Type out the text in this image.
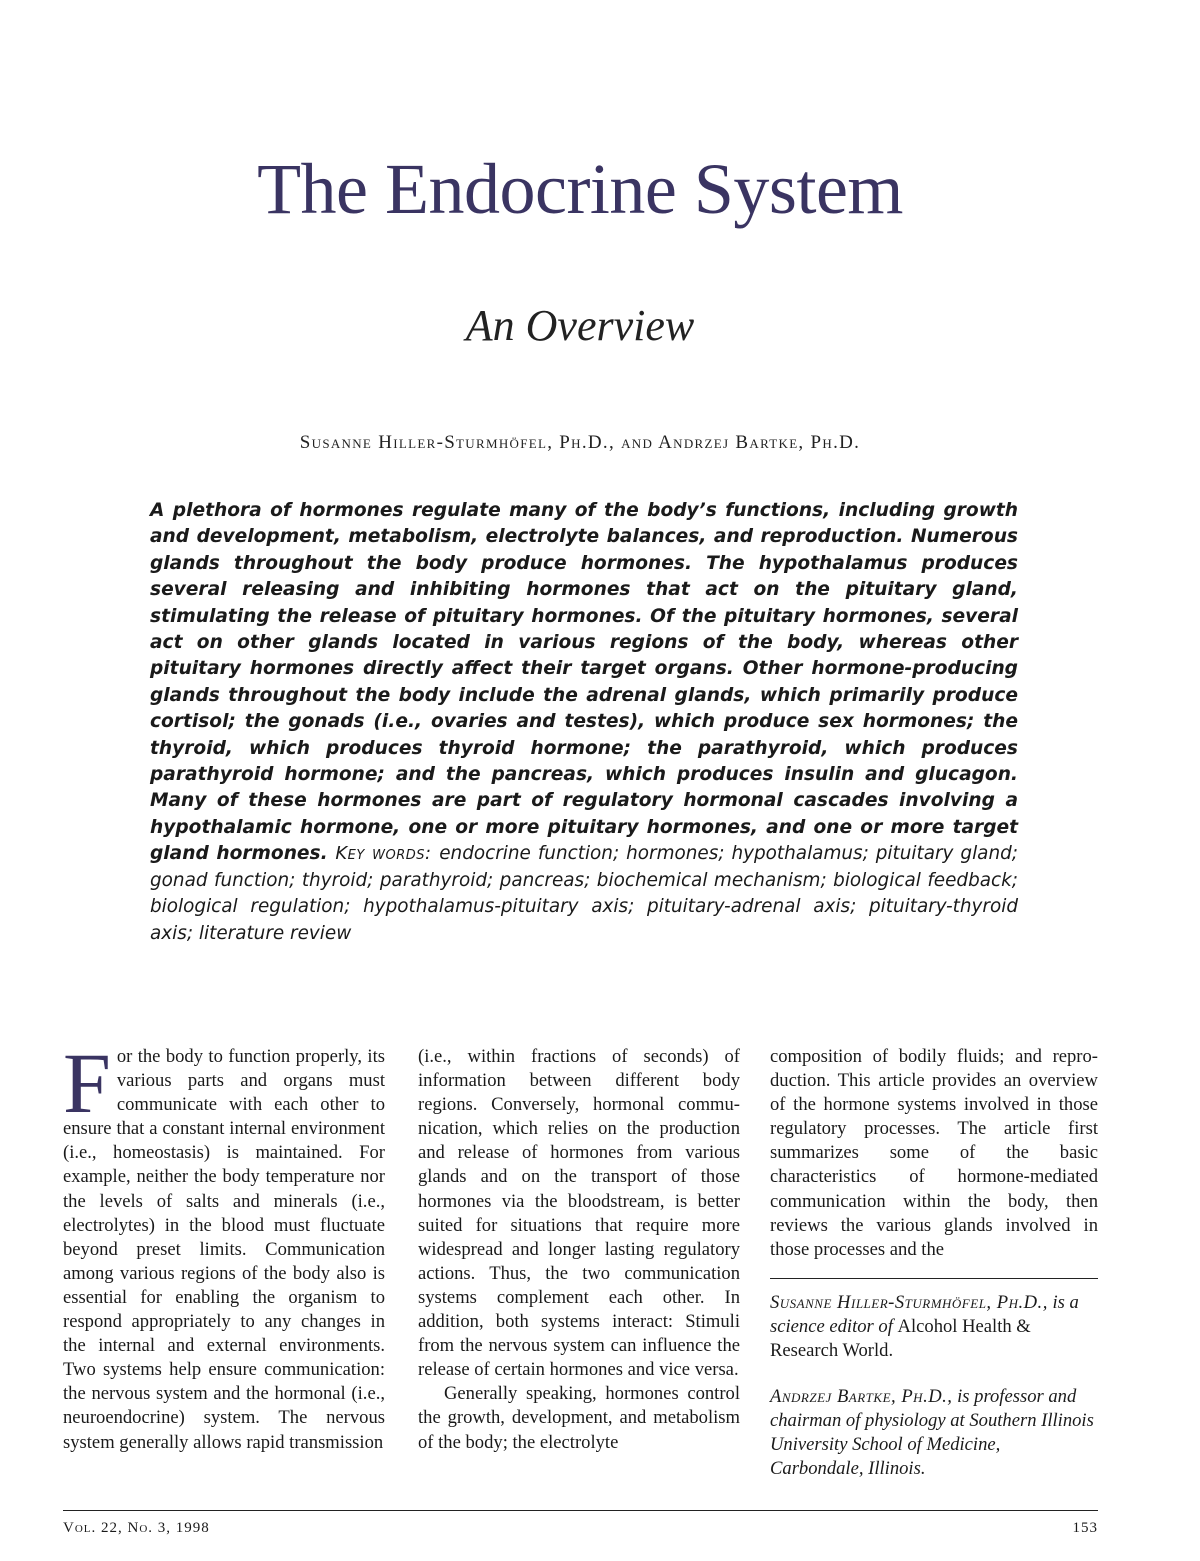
The Endocrine System
An Overview
Susanne Hiller-Sturmhöfel, Ph.D., and Andrzej Bartke, Ph.D.
A plethora of hormones regulate many of the body’s functions, including growth and development, metabolism, electrolyte balances, and reproduction. Numerous glands throughout the body produce hormones. The hypothalamus produces several releasing and inhibiting hormones that act on the pituitary gland, stimulating the release of pituitary hormones. Of the pituitary hormones, several act on other glands located in various regions of the body, whereas other pituitary hormones directly affect their target organs. Other hormone-producing glands throughout the body include the adrenal glands, which primarily produce cortisol; the gonads (i.e., ovaries and testes), which produce sex hormones; the thyroid, which produces thyroid hormone; the parathyroid, which produces parathyroid hormone; and the pancreas, which produces insulin and glucagon. Many of these hormones are part of regulatory hormonal cascades involving a hypothalamic hormone, one or more pituitary hormones, and one or more target gland hormones. Key words: endocrine function; hormones; hypothalamus; pituitary gland; gonad function; thyroid; parathyroid; pancreas; biochemical mechanism; biological feedback; biological regulation; hypothalamus-pituitary axis; pituitary-adrenal axis; pituitary-thyroid axis; literature review

F or the body to function properly, its various parts and organs must communicate with each other to ensure that a constant internal environment (i.e., homeostasis) is maintained. For example, neither the body temperature nor the levels of salts and minerals (i.e., electrolytes) in the blood must fluctuate beyond preset limits. Communication among various regions of the body also is essential for enabling the organism to respond appropriately to any changes in the internal and external environments. Two systems help ensure communication: the nervous system and the hormonal (i.e., neuroendocrine) system. The nervous system generally allows rapid transmission

(i.e., within fractions of seconds) of information between different body regions. Conversely, hormonal communication, which relies on the production and release of hormones from various glands and on the transport of those hormones via the bloodstream, is better suited for situations that require more widespread and longer lasting regulatory actions. Thus, the two communication systems complement each other. In addition, both systems interact: Stimuli from the nervous system can influence the release of certain hormones and vice versa.

Generally speaking, hormones control the growth, development, and metabolism of the body; the electrolyte

composition of bodily fluids; and reproduction. This article provides an overview of the hormone systems involved in those regulatory processes. The article first summarizes some of the basic characteristics of hormone-mediated communication within the body, then reviews the various glands involved in those processes and the

Susanne Hiller-Sturmhöfel, Ph.D., is a science editor of Alcohol Health & Research World.

Andrzej Bartke, Ph.D., is professor and chairman of physiology at Southern Illinois University School of Medicine, Carbondale, Illinois.

Vol. 22, No. 3, 1998	153
